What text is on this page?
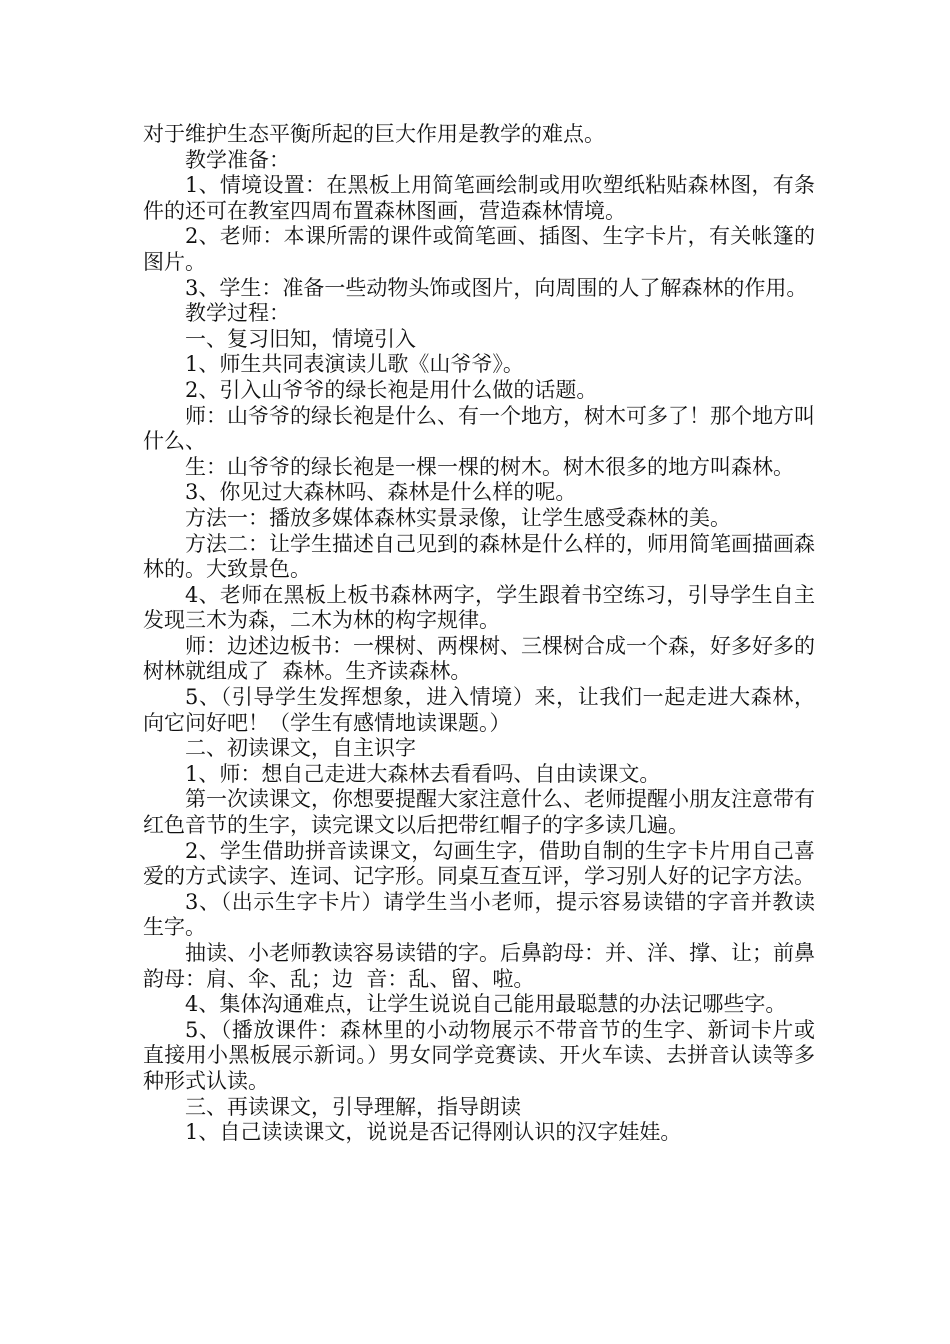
对于维护生态平衡所起的巨大作用是教学的难点。

教学准备：

1、情境设置：在黑板上用简笔画绘制或用吹塑纸粘贴森林图，有条件的还可在教室四周布置森林图画，营造森林情境。

2、老师：本课所需的课件或简笔画、插图、生字卡片，有关帐篷的图片。

3、学生：准备一些动物头饰或图片，向周围的人了解森林的作用。

教学过程：

一、复习旧知，情境引入

1、师生共同表演读儿歌《山爷爷》。

2、引入山爷爷的绿长袍是用什么做的话题。

师：山爷爷的绿长袍是什么、有一个地方，树木可多了！那个地方叫什么、

生：山爷爷的绿长袍是一棵一棵的树木。树木很多的地方叫森林。

3、你见过大森林吗、森林是什么样的呢。

方法一：播放多媒体森林实景录像，让学生感受森林的美。

方法二：让学生描述自己见到的森林是什么样的，师用简笔画描画森林的。大致景色。

4、老师在黑板上板书森林两字，学生跟着书空练习，引导学生自主发现三木为森，二木为林的构字规律。

师：边述边板书：一棵树、两棵树、三棵树合成一个森，好多好多的树林就组成了  森林。生齐读森林。

5、（引导学生发挥想象，进入情境）来，让我们一起走进大森林，向它问好吧！（学生有感情地读课题。）

二、初读课文，自主识字

1、师：想自己走进大森林去看看吗、自由读课文。

第一次读课文，你想要提醒大家注意什么、老师提醒小朋友注意带有红色音节的生字，读完课文以后把带红帽子的字多读几遍。

2、学生借助拼音读课文，勾画生字，借助自制的生字卡片用自己喜爱的方式读字、连词、记字形。同桌互查互评，学习别人好的记字方法。

3、（出示生字卡片）请学生当小老师，提示容易读错的字音并教读生字。

抽读、小老师教读容易读错的字。后鼻韵母：并、洋、撑、让；前鼻韵母：肩、伞、乱；边  音：乱、留、啦。

4、集体沟通难点，让学生说说自己能用最聪慧的办法记哪些字。

5、（播放课件：森林里的小动物展示不带音节的生字、新词卡片或直接用小黑板展示新词。）男女同学竞赛读、开火车读、去拼音认读等多种形式认读。

三、再读课文，引导理解，指导朗读

1、自己读读课文，说说是否记得刚认识的汉字娃娃。
